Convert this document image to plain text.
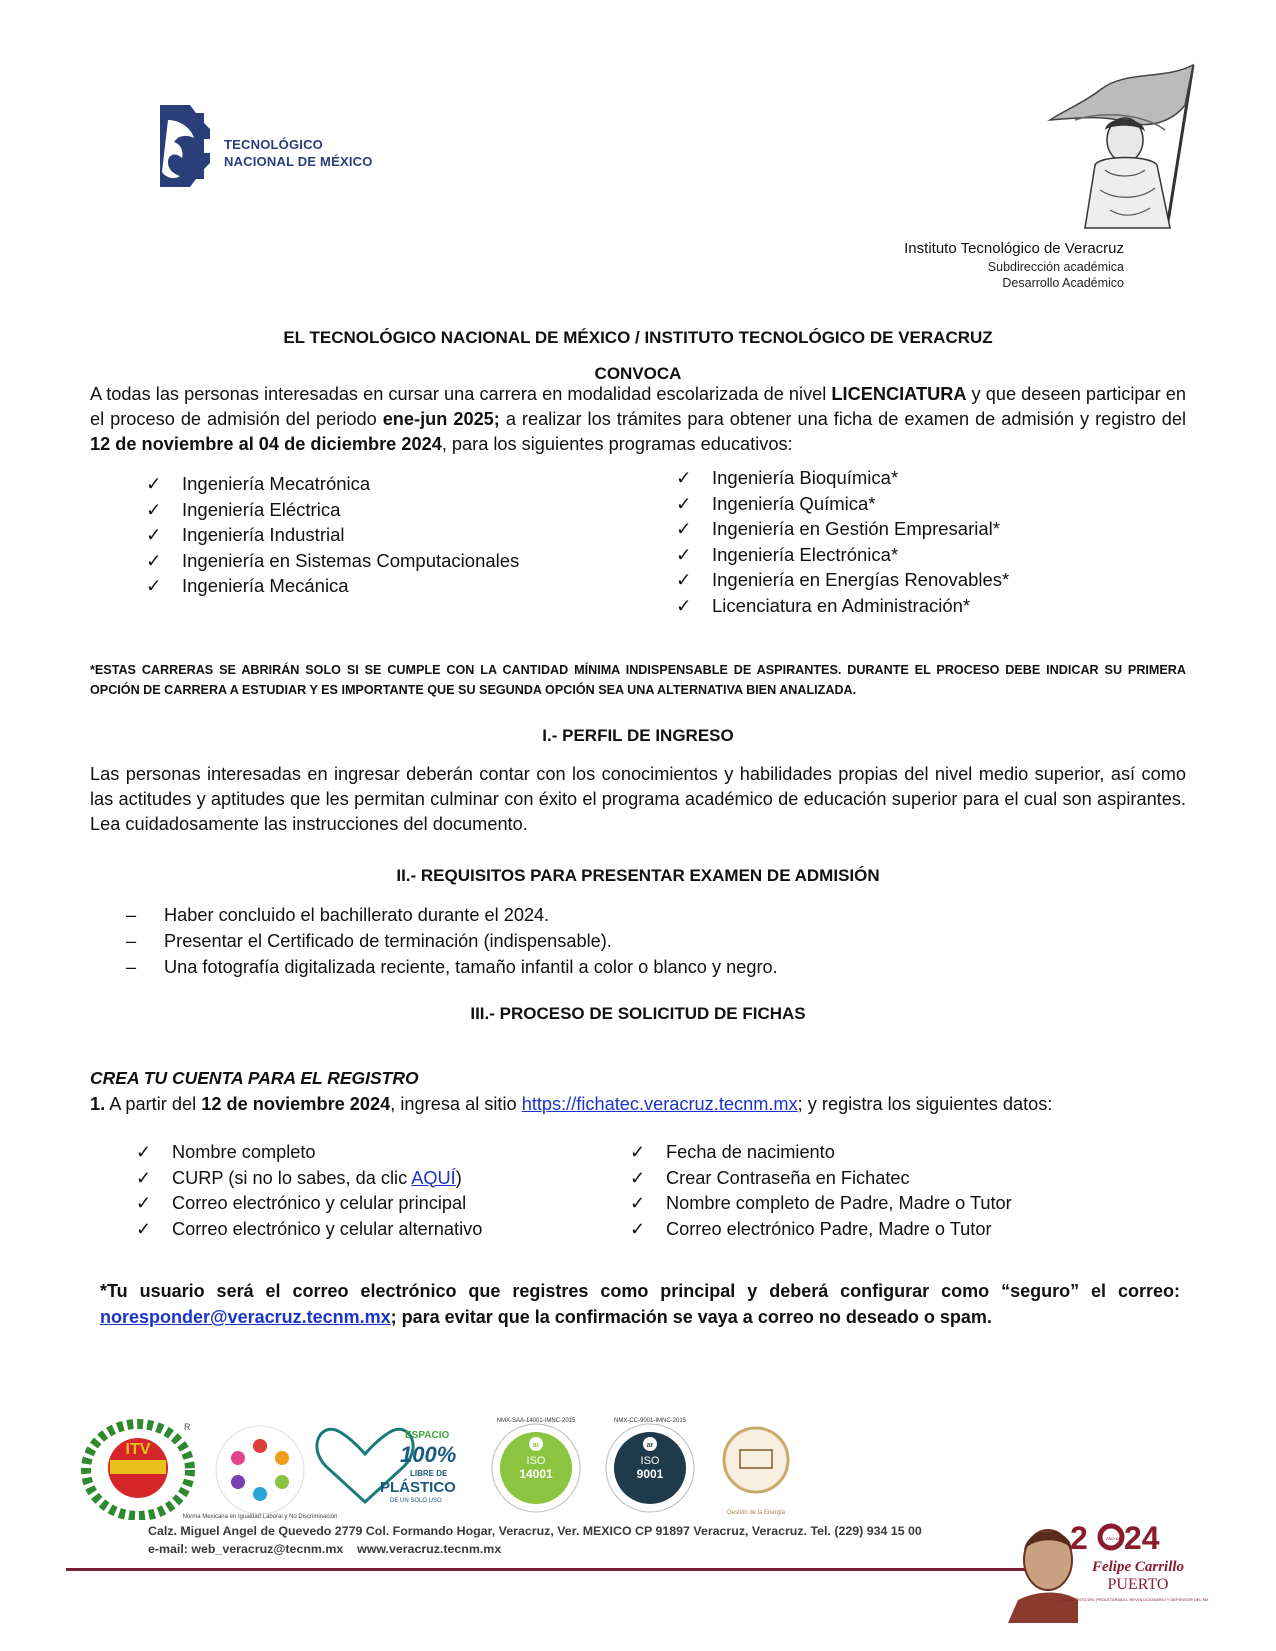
TECNOLÓGICO
NACIONAL DE MÉXICO
Instituto Tecnológico de Veracruz
Subdirección académica
Desarrollo Académico
EL TECNOLÓGICO NACIONAL DE MÉXICO / INSTITUTO TECNOLÓGICO DE VERACRUZ
CONVOCA
A todas las personas interesadas en cursar una carrera en modalidad escolarizada de nivel LICENCIATURA y que deseen participar en el proceso de admisión del periodo ene-jun 2025; a realizar los trámites para obtener una ficha de examen de admisión y registro del 12 de noviembre al 04 de diciembre 2024, para los siguientes programas educativos:
✓	Ingeniería Mecatrónica
✓	Ingeniería Eléctrica
✓	Ingeniería Industrial
✓	Ingeniería en Sistemas Computacionales
✓	Ingeniería Mecánica
✓	Ingeniería Bioquímica*
✓	Ingeniería Química*
✓	Ingeniería en Gestión Empresarial*
✓	Ingeniería Electrónica*
✓	Ingeniería en Energías Renovables*
✓	Licenciatura en Administración*
*ESTAS CARRERAS SE ABRIRÁN SOLO SI SE CUMPLE CON LA CANTIDAD MÍNIMA INDISPENSABLE DE ASPIRANTES. DURANTE EL PROCESO DEBE INDICAR SU PRIMERA OPCIÓN DE CARRERA A ESTUDIAR Y ES IMPORTANTE QUE SU SEGUNDA OPCIÓN SEA UNA ALTERNATIVA BIEN ANALIZADA.
I.- PERFIL DE INGRESO
Las personas interesadas en ingresar deberán contar con los conocimientos y habilidades propias del nivel medio superior, así como las actitudes y aptitudes que les permitan culminar con éxito el programa académico de educación superior para el cual son aspirantes. Lea cuidadosamente las instrucciones del documento.
II.- REQUISITOS PARA PRESENTAR EXAMEN DE ADMISIÓN
–	Haber concluido el bachillerato durante el 2024.
–	Presentar el Certificado de terminación (indispensable).
–	Una fotografía digitalizada reciente, tamaño infantil a color o blanco y negro.
III.- PROCESO DE SOLICITUD DE FICHAS
CREA TU CUENTA PARA EL REGISTRO
1. A partir del 12 de noviembre 2024, ingresa al sitio https://fichatec.veracruz.tecnm.mx; y registra los siguientes datos:
✓	Nombre completo
✓	CURP (si no lo sabes, da clic AQUÍ)
✓	Correo electrónico y celular principal
✓	Correo electrónico y celular alternativo
✓	Fecha de nacimiento
✓	Crear Contraseña en Fichatec
✓	Nombre completo de Padre, Madre o Tutor
✓	Correo electrónico Padre, Madre o Tutor
*Tu usuario será el correo electrónico que registres como principal y deberá configurar como “seguro” el correo: noresponder@veracruz.tecnm.mx; para evitar que la confirmación se vaya a correo no deseado o spam.
ITV
R
Norma Mexicana en Igualdad Laboral y No Discriminación
ESPACIO
100%
LIBRE DE
PLÁSTICO
DE UN SOLO USO
ar
ISO
14001
NMX-SAA-14001-IMNC-2015
ar
ISO
9001
NMX-CC-9001-IMNC-2015
Gestión de la Energía
Calz. Miguel Angel de Quevedo 2779 Col. Formando Hogar, Veracruz, Ver. MEXICO CP 91897 Veracruz, Veracruz. Tel. (229) 934 15 00
e-mail: web_veracruz@tecnm.mx www.veracruz.tecnm.mx	2	AÑO DE 24
Felipe Carrillo
PUERTO
BENEMÉRITO DEL PROLETARIADO, REVOLUCIONARIO Y DEFENSOR DEL MAYAB
